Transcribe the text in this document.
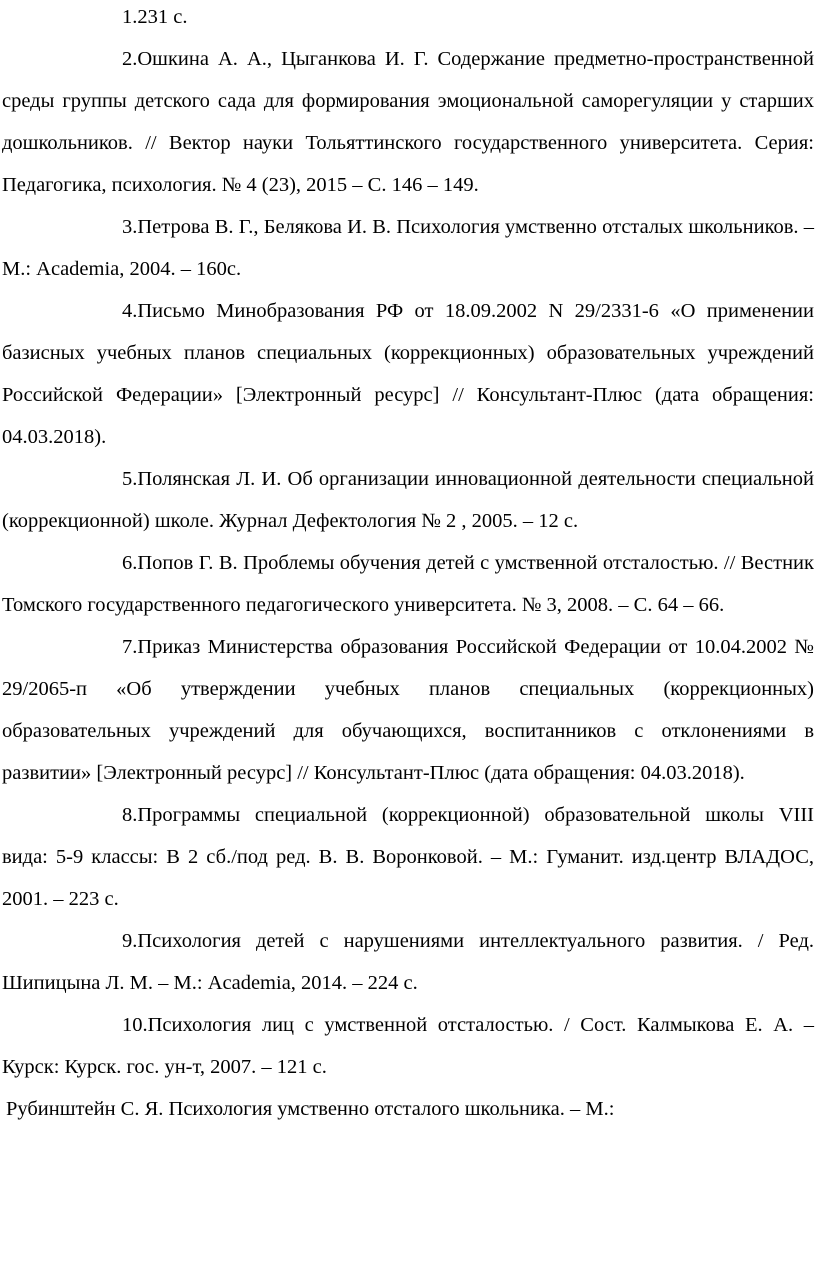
1.231 с.

2.Ошкина А. А., Цыганкова И. Г. Содержание предметно-пространственной среды группы детского сада для формирования эмоциональной саморегуляции у старших дошкольников. // Вектор науки Тольяттинского государственного университета. Серия: Педагогика, психология. № 4 (23), 2015 – С. 146 – 149.

3.Петрова В. Г., Белякова И. В. Психология умственно отсталых школьников. – М.: Academia, 2004. – 160с.

4.Письмо Минобразования РФ от 18.09.2002 N 29/2331-6 «О применении базисных учебных планов специальных (коррекционных) образовательных учреждений Российской Федерации» [Электронный ресурс] // Консультант-Плюс (дата обращения: 04.03.2018).

5.Полянская Л. И. Об организации инновационной деятельности специальной (коррекционной) школе. Журнал Дефектология № 2 , 2005. – 12 с.

6.Попов Г. В. Проблемы обучения детей с умственной отсталостью. // Вестник Томского государственного педагогического университета. № 3, 2008. – С. 64 – 66.

7.Приказ Министерства образования Российской Федерации от 10.04.2002 № 29/2065-п «Об утверждении учебных планов специальных (коррекционных) образовательных учреждений для обучающихся, воспитанников с отклонениями в развитии» [Электронный ресурс] // Консультант-Плюс (дата обращения: 04.03.2018).

8.Программы специальной (коррекционной) образовательной школы VIII вида: 5-9 классы: В 2 сб./под ред. В. В. Воронковой. – М.: Гуманит. изд.центр ВЛАДОС, 2001. – 223 с.

9.Психология детей с нарушениями интеллектуального развития. / Ред. Шипицына Л. М. – М.: Academia, 2014. – 224 с.

10.Психология лиц с умственной отсталостью. / Сост. Калмыкова Е. А. – Курск: Курск. гос. ун-т, 2007. – 121 с.

Рубинштейн С. Я. Психология умственно отсталого школьника. – М.:
